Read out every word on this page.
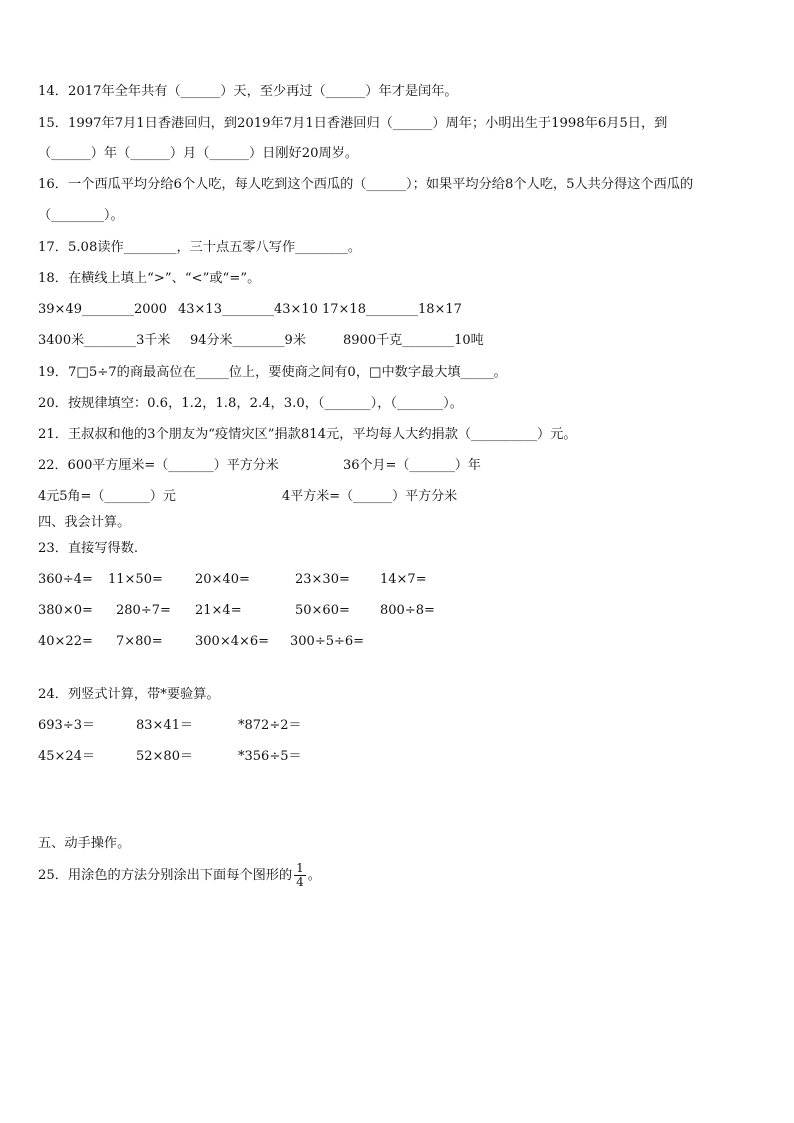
14．2017年全年共有（______）天，至少再过（______）年才是闰年。
15．1997年7月1日香港回归，到2019年7月1日香港回归（______）周年；小明出生于1998年6月5日，到
（______）年（______）月（______）日刚好20周岁。
16．一个西瓜平均分给6个人吃，每人吃到这个西瓜的（______）；如果平均分给8个人吃，5人共分得这个西瓜的
（________）。
17．5.08读作________，三十点五零八写作________。
18．在横线上填上“>”、“<”或“=”。
39×49________2000 43×13________43×10 17×18________18×17
3400米________3千米 94分米________9米	8900千克________10吨
19．7□5÷7的商最高位在_____位上，要使商之间有0，□中数字最大填_____。
20．按规律填空：0.6，1.2，1.8，2.4，3.0，（_______），（_______）。
21．王叔叔和他的3个朋友为“疫情灾区”捐款814元，平均每人大约捐款（__________）元。
22．600平方厘米=（_______）平方分米	36个月=（_______）年
4元5角=（_______）元	4平方米=（______）平方分米
四、我会计算。
23．直接写得数.
360÷4= 11×50= 20×40=	23×30= 14×7=
380×0= 280÷7= 21×4=	50×60= 800÷8=
40×22= 7×80= 300×4×6= 300÷5÷6=
24．列竖式计算，带*要验算。
693÷3＝	83×41＝	*872÷2＝
45×24＝	52×80＝	*356÷5＝
五、动手操作。
25．用涂色的方法分别涂出下面每个图形的 $\frac{1}{4}$ 。
